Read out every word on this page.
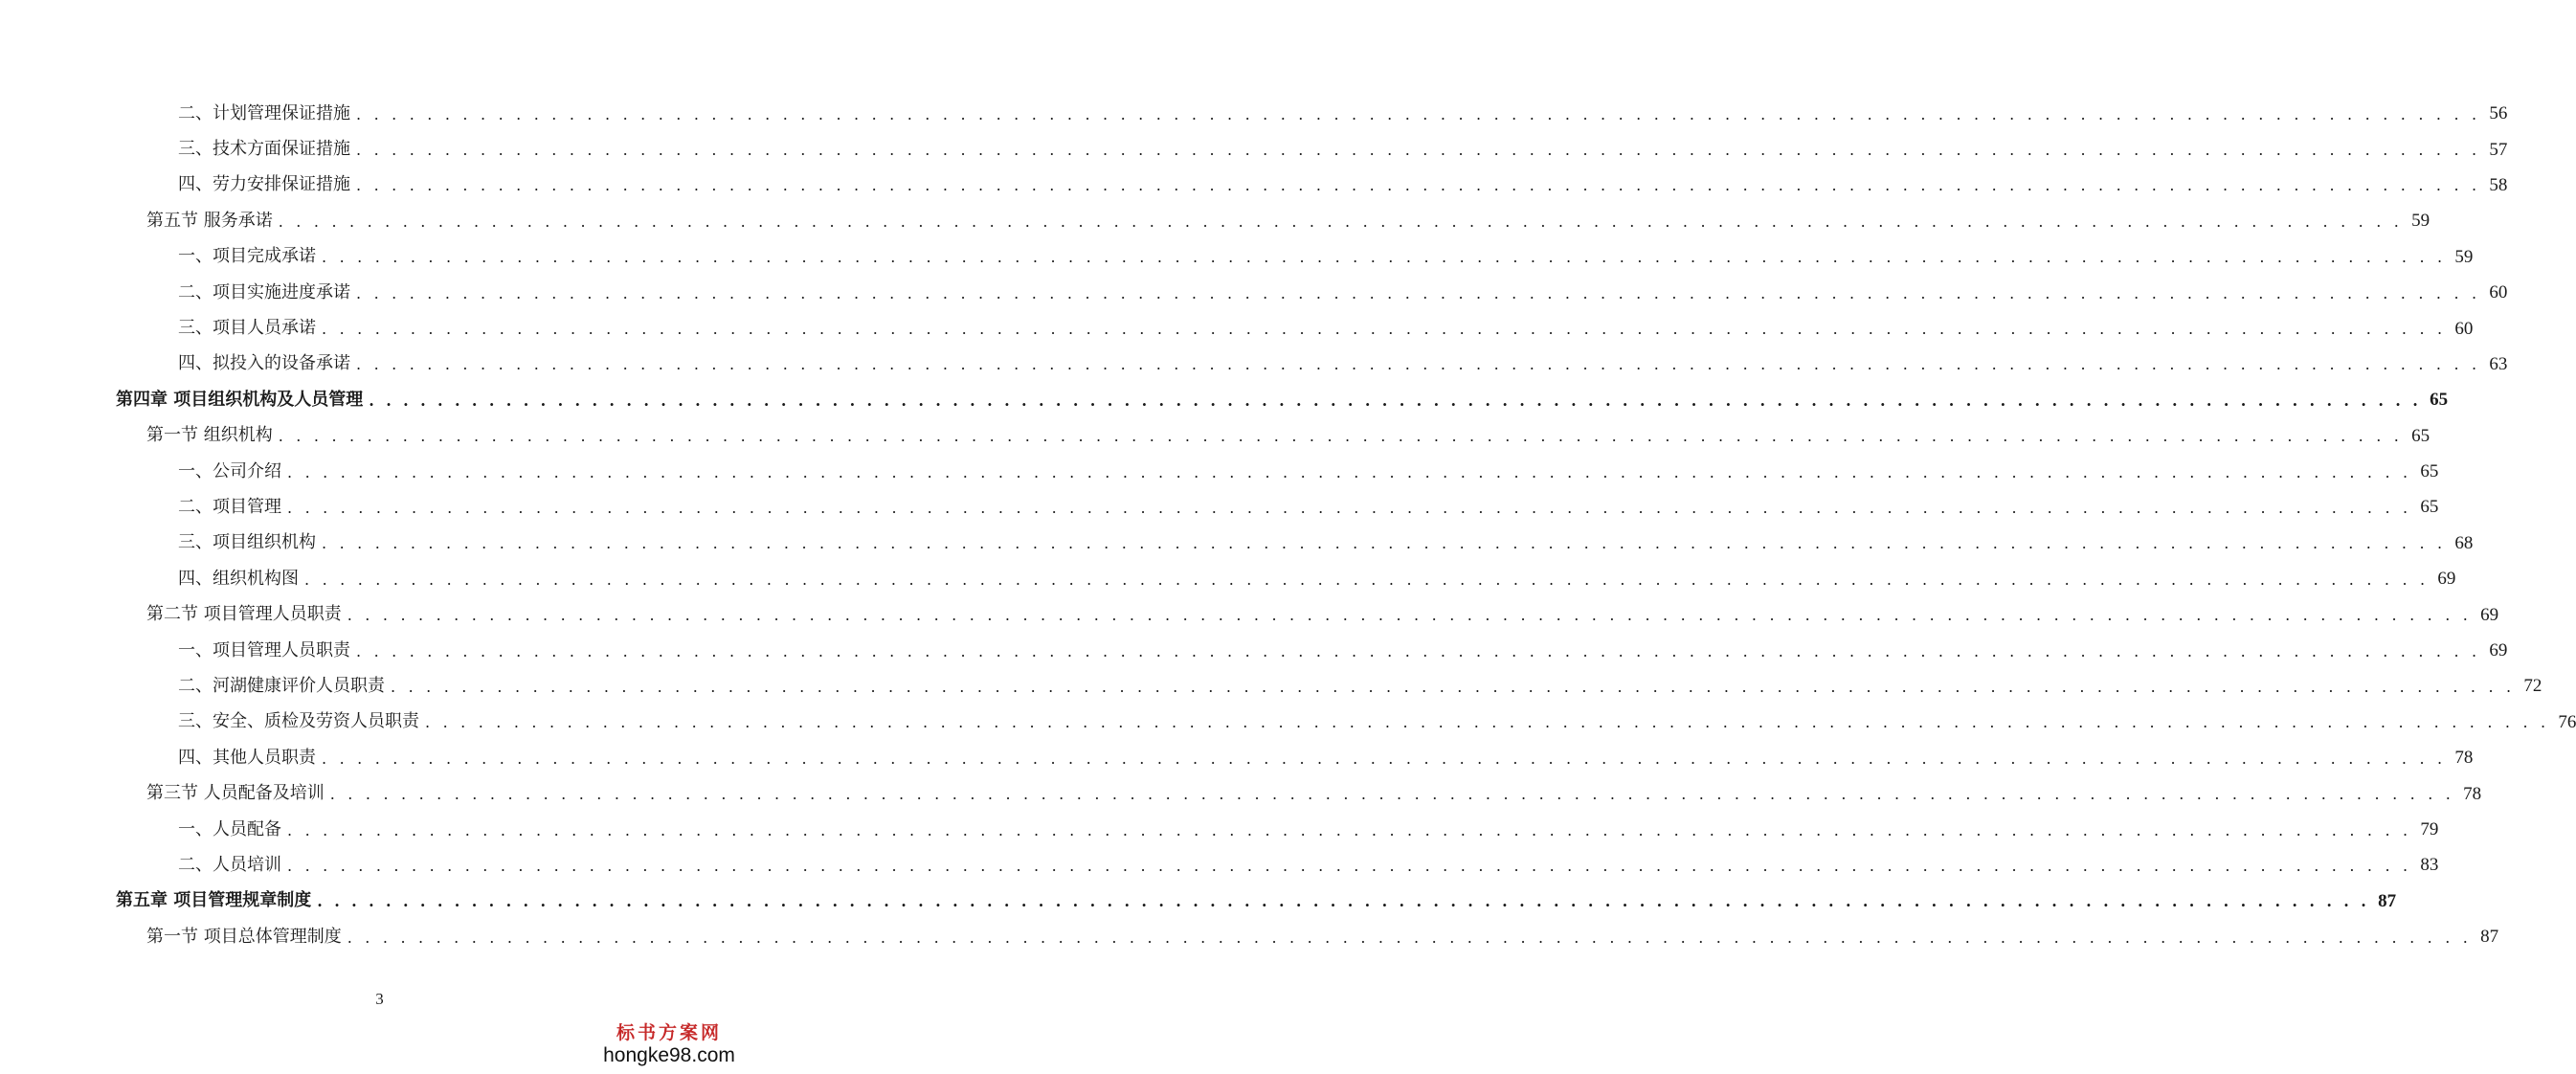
二、计划管理保证措施 . . . . . . . . . . . . . . . . . . . . . . . . . . . . . . . . . . . . . . . . . . . . . . . . . . . . . . . . . . . . . . . . . . . . . . . . . . . . . . . . . . . . . . . . . . . . . . . . . . . . . . . . . . . . . . . . . . . . . . . . 56
三、技术方面保证措施 . . . . . . . . . . . . . . . . . . . . . . . . . . . . . . . . . . . . . . . . . . . . . . . . . . . . . . . . . . . . . . . . . . . . . . . . . . . . . . . . . . . . . . . . . . . . . . . . . . . . . . . . . . . . . . . . . . . . . . . . 57
四、劳力安排保证措施 . . . . . . . . . . . . . . . . . . . . . . . . . . . . . . . . . . . . . . . . . . . . . . . . . . . . . . . . . . . . . . . . . . . . . . . . . . . . . . . . . . . . . . . . . . . . . . . . . . . . . . . . . . . . . . . . . . . . . . . . 58
第五节 服务承诺 . . . . . . . . . . . . . . . . . . . . . . . . . . . . . . . . . . . . . . . . . . . . . . . . . . . . . . . . . . . . . . . . . . . . . . . . . . . . . . . . . . . . . . . . . . . . . . . . . . . . . . . . . . . . . . . . . . . . . . . . 59
一、项目完成承诺 . . . . . . . . . . . . . . . . . . . . . . . . . . . . . . . . . . . . . . . . . . . . . . . . . . . . . . . . . . . . . . . . . . . . . . . . . . . . . . . . . . . . . . . . . . . . . . . . . . . . . . . . . . . . . . . . . . . . . . . . 59
二、项目实施进度承诺 . . . . . . . . . . . . . . . . . . . . . . . . . . . . . . . . . . . . . . . . . . . . . . . . . . . . . . . . . . . . . . . . . . . . . . . . . . . . . . . . . . . . . . . . . . . . . . . . . . . . . . . . . . . . . . . . . . . . . . . . 60
三、项目人员承诺 . . . . . . . . . . . . . . . . . . . . . . . . . . . . . . . . . . . . . . . . . . . . . . . . . . . . . . . . . . . . . . . . . . . . . . . . . . . . . . . . . . . . . . . . . . . . . . . . . . . . . . . . . . . . . . . . . . . . . . . . 60
四、拟投入的设备承诺 . . . . . . . . . . . . . . . . . . . . . . . . . . . . . . . . . . . . . . . . . . . . . . . . . . . . . . . . . . . . . . . . . . . . . . . . . . . . . . . . . . . . . . . . . . . . . . . . . . . . . . . . . . . . . . . . . . . . . . . . 63
第四章 项目组织机构及人员管理 . . . . . . . . . . . . . . . . . . . . . . . . . . . . . . . . . . . . . . . . . . . . . . . . . . . . . . . . . . . . . . . . . . . . . . . . . . . . . . . . . . . . . . . . . . . . . . . . . . . . . . . . . . . . . . . . . . . . . . . . 65
第一节 组织机构 . . . . . . . . . . . . . . . . . . . . . . . . . . . . . . . . . . . . . . . . . . . . . . . . . . . . . . . . . . . . . . . . . . . . . . . . . . . . . . . . . . . . . . . . . . . . . . . . . . . . . . . . . . . . . . . . . . . . . . . . 65
一、公司介绍 . . . . . . . . . . . . . . . . . . . . . . . . . . . . . . . . . . . . . . . . . . . . . . . . . . . . . . . . . . . . . . . . . . . . . . . . . . . . . . . . . . . . . . . . . . . . . . . . . . . . . . . . . . . . . . . . . . . . . . . . 65
二、项目管理 . . . . . . . . . . . . . . . . . . . . . . . . . . . . . . . . . . . . . . . . . . . . . . . . . . . . . . . . . . . . . . . . . . . . . . . . . . . . . . . . . . . . . . . . . . . . . . . . . . . . . . . . . . . . . . . . . . . . . . . . 65
三、项目组织机构 . . . . . . . . . . . . . . . . . . . . . . . . . . . . . . . . . . . . . . . . . . . . . . . . . . . . . . . . . . . . . . . . . . . . . . . . . . . . . . . . . . . . . . . . . . . . . . . . . . . . . . . . . . . . . . . . . . . . . . . . 68
四、组织机构图 . . . . . . . . . . . . . . . . . . . . . . . . . . . . . . . . . . . . . . . . . . . . . . . . . . . . . . . . . . . . . . . . . . . . . . . . . . . . . . . . . . . . . . . . . . . . . . . . . . . . . . . . . . . . . . . . . . . . . . . . 69
第二节 项目管理人员职责 . . . . . . . . . . . . . . . . . . . . . . . . . . . . . . . . . . . . . . . . . . . . . . . . . . . . . . . . . . . . . . . . . . . . . . . . . . . . . . . . . . . . . . . . . . . . . . . . . . . . . . . . . . . . . . . . . . . . . . . . 69
一、项目管理人员职责 . . . . . . . . . . . . . . . . . . . . . . . . . . . . . . . . . . . . . . . . . . . . . . . . . . . . . . . . . . . . . . . . . . . . . . . . . . . . . . . . . . . . . . . . . . . . . . . . . . . . . . . . . . . . . . . . . . . . . . . . 69
二、河湖健康评价人员职责 . . . . . . . . . . . . . . . . . . . . . . . . . . . . . . . . . . . . . . . . . . . . . . . . . . . . . . . . . . . . . . . . . . . . . . . . . . . . . . . . . . . . . . . . . . . . . . . . . . . . . . . . . . . . . . . . . . . . . . . . 72
三、安全、质检及劳资人员职责 . . . . . . . . . . . . . . . . . . . . . . . . . . . . . . . . . . . . . . . . . . . . . . . . . . . . . . . . . . . . . . . . . . . . . . . . . . . . . . . . . . . . . . . . . . . . . . . . . . . . . . . . . . . . . . . . . . . . . . . . 76
四、其他人员职责 . . . . . . . . . . . . . . . . . . . . . . . . . . . . . . . . . . . . . . . . . . . . . . . . . . . . . . . . . . . . . . . . . . . . . . . . . . . . . . . . . . . . . . . . . . . . . . . . . . . . . . . . . . . . . . . . . . . . . . . . 78
第三节 人员配备及培训 . . . . . . . . . . . . . . . . . . . . . . . . . . . . . . . . . . . . . . . . . . . . . . . . . . . . . . . . . . . . . . . . . . . . . . . . . . . . . . . . . . . . . . . . . . . . . . . . . . . . . . . . . . . . . . . . . . . . . . . . 78
一、人员配备 . . . . . . . . . . . . . . . . . . . . . . . . . . . . . . . . . . . . . . . . . . . . . . . . . . . . . . . . . . . . . . . . . . . . . . . . . . . . . . . . . . . . . . . . . . . . . . . . . . . . . . . . . . . . . . . . . . . . . . . . 79
二、人员培训 . . . . . . . . . . . . . . . . . . . . . . . . . . . . . . . . . . . . . . . . . . . . . . . . . . . . . . . . . . . . . . . . . . . . . . . . . . . . . . . . . . . . . . . . . . . . . . . . . . . . . . . . . . . . . . . . . . . . . . . . 83
第五章 项目管理规章制度 . . . . . . . . . . . . . . . . . . . . . . . . . . . . . . . . . . . . . . . . . . . . . . . . . . . . . . . . . . . . . . . . . . . . . . . . . . . . . . . . . . . . . . . . . . . . . . . . . . . . . . . . . . . . . . . . . . . . . . . . 87
第一节 项目总体管理制度 . . . . . . . . . . . . . . . . . . . . . . . . . . . . . . . . . . . . . . . . . . . . . . . . . . . . . . . . . . . . . . . . . . . . . . . . . . . . . . . . . . . . . . . . . . . . . . . . . . . . . . . . . . . . . . . . . . . . . . . . 87
3
标书方案网
hongke98.com
